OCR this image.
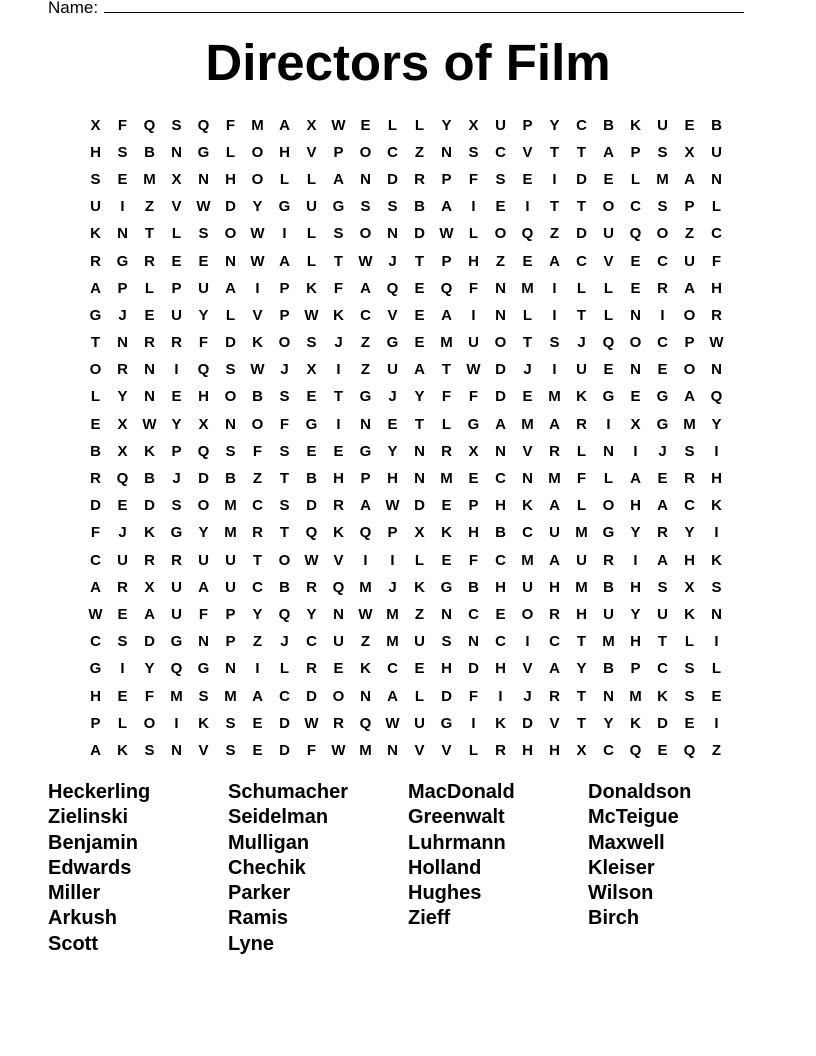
Name:
Directors of Film
X	F	Q	S	Q	F	M	A	X W E	L	L	Y	X	U	P	Y	C	B	K	U	E	B
H	S	B	N	G	L	O	H	V	P	O	C	Z	N	S	C	V	T	T	A	P	S	X	U
S	E	M	X	N	H	O	L	L	A	N	D	R	P	F	S	E	I	D	E	L	M	A	N
U	I	Z	V W D	Y	G	U	G	S	S	B	A	I	E	I	T	T	O	C	S	P	L
K	N	T	L	S	O W	I	L	S	O	N	D W	L	O	Q	Z	D	U	Q	O	Z	C
R	G	R	E	E	N W A	L	T	W	J	T	P	H	Z	E	A	C	V	E	C	U	F
A	P	L	P	U	A	I	P	K	F	A	Q	E	Q	F	N	M	I	L	L	E	R	A	H
G	J	E	U	Y	L	V	P W K	C	V	E	A	I	N	L	I	T	L	N	I	O	R
T	N	R	R	F	D	K	O	S	J	Z	G	E	M	U	O	T	S	J	Q	O	C	P W
O	R	N	I	Q	S W	J	X	I	Z	U	A	T	W D	J	I	U	E	N	E	O	N
L	Y	N	E	H	O	B	S	E	T	G	J	Y	F	F	D	E	M	K	G	E	G	A	Q
E	X W Y	X	N	O	F	G	I	N	E	T	L	G	A	M	A	R	I	X	G M	Y
B	X	K	P	Q	S	F	S	E	E	G	Y	N	R	X	N	V	R	L	N	I	J	S	I
R	Q	B	J	D	B	Z	T	B	H	P	H	N	M	E	C	N	M	F	L	A	E	R	H
D	E	D	S	O M	C	S	D	R	A W D	E	P	H	K	A	L	O	H	A	C	K
F	J	K	G	Y	M	R	T	Q	K	Q	P	X	K	H	B	C	U	M G	Y	R	Y	I
C	U	R	R	U	U	T	O W V	I	I	L	E	F	C	M	A	U	R	I	A	H	K
A	R	X	U	A	U	C	B	R	Q M	J	K	G	B	H	U	H	M	B	H	S	X	S
W E	A	U	F	P	Y	Q	Y	N W M	Z	N	C	E	O	R	H	U	Y	U	K	N
C	S	D	G	N	P	Z	J	C	U	Z	M	U	S	N	C	I	C	T	M	H	T	L	I
G	I	Y	Q	G	N	I	L	R	E	K	C	E	H	D	H	V	A	Y	B	P	C	S	L
H	E	F	M	S	M	A	C	D	O	N	A	L	D	F	I	J	R	T	N	M	K	S	E
P	L	O	I	K	S	E	D W R	Q W U	G	I	K	D	V	T	Y	K	D	E	I
A	K	S	N	V	S	E	D	F	W M	N	V	V	L	R	H	H	X	C	Q	E	Q	Z
Heckerling
Zielinski
Benjamin
Edwards
Miller
Arkush
Scott
Schumacher
Seidelman
Mulligan
Chechik
Parker
Ramis
Lyne
MacDonald
Greenwalt
Luhrmann
Holland
Hughes
Zieff
Donaldson
McTeigue
Maxwell
Kleiser
Wilson
Birch
